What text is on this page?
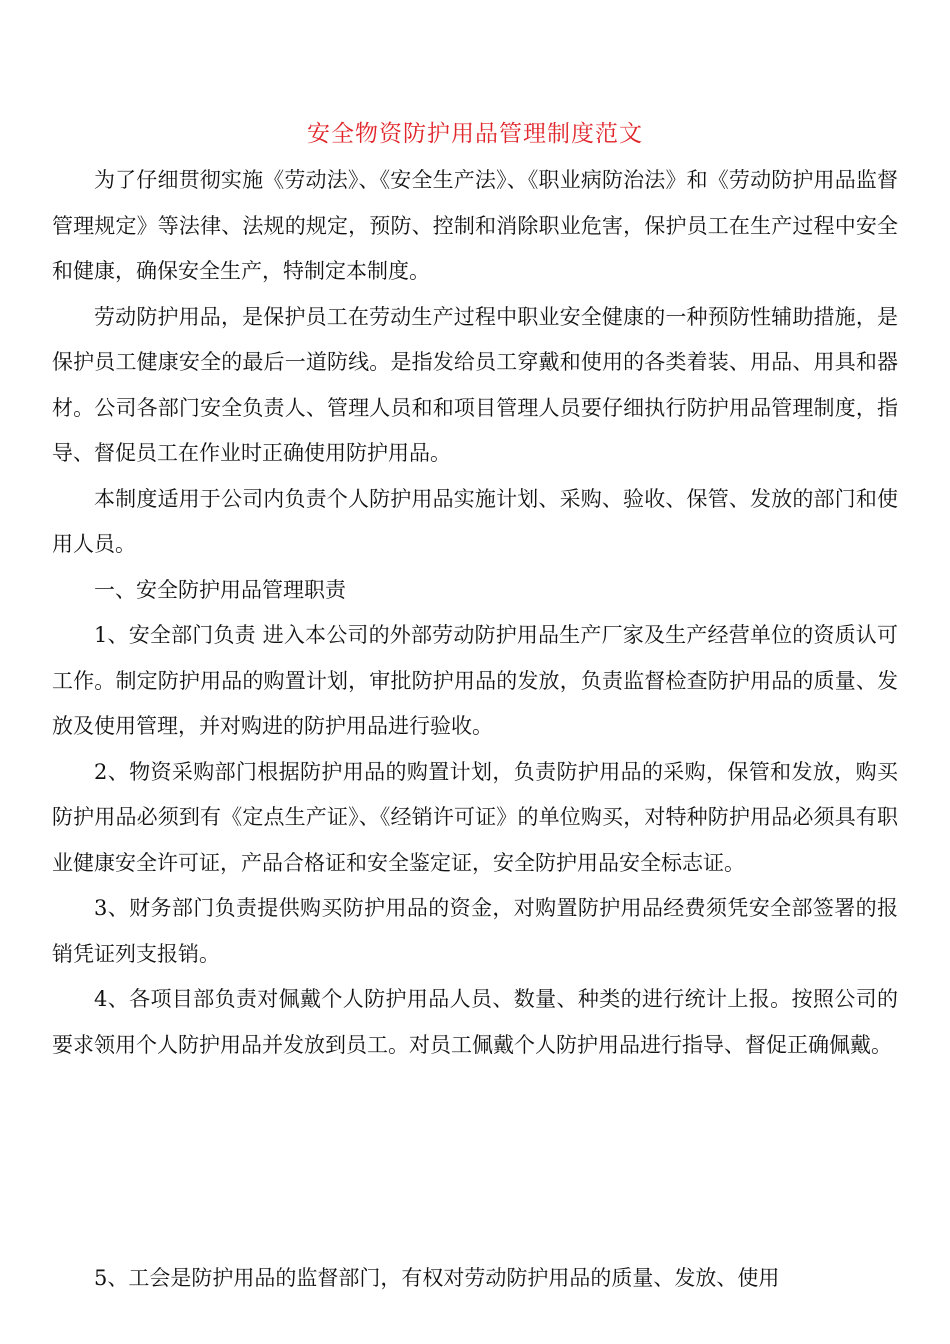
安全物资防护用品管理制度范文

为了仔细贯彻实施《劳动法》、《安全生产法》、《职业病防治法》和《劳动防护用品监督管理规定》等法律、法规的规定，预防、控制和消除职业危害，保护员工在生产过程中安全和健康，确保安全生产，特制定本制度。

劳动防护用品，是保护员工在劳动生产过程中职业安全健康的一种预防性辅助措施，是保护员工健康安全的最后一道防线。是指发给员工穿戴和使用的各类着装、用品、用具和器材。公司各部门安全负责人、管理人员和和项目管理人员要仔细执行防护用品管理制度，指导、督促员工在作业时正确使用防护用品。

本制度适用于公司内负责个人防护用品实施计划、采购、验收、保管、发放的部门和使用人员。

一、安全防护用品管理职责

1、安全部门负责 进入本公司的外部劳动防护用品生产厂家及生产经营单位的资质认可工作。制定防护用品的购置计划，审批防护用品的发放，负责监督检查防护用品的质量、发放及使用管理，并对购进的防护用品进行验收。

2、物资采购部门根据防护用品的购置计划，负责防护用品的采购，保管和发放，购买防护用品必须到有《定点生产证》、《经销许可证》的单位购买，对特种防护用品必须具有职业健康安全许可证，产品合格证和安全鉴定证，安全防护用品安全标志证。

3、财务部门负责提供购买防护用品的资金，对购置防护用品经费须凭安全部签署的报销凭证列支报销。

4、各项目部负责对佩戴个人防护用品人员、数量、种类的进行统计上报。按照公司的要求领用个人防护用品并发放到员工。对员工佩戴个人防护用品进行指导、督促正确佩戴。

5、工会是防护用品的监督部门，有权对劳动防护用品的质量、发放、使用
